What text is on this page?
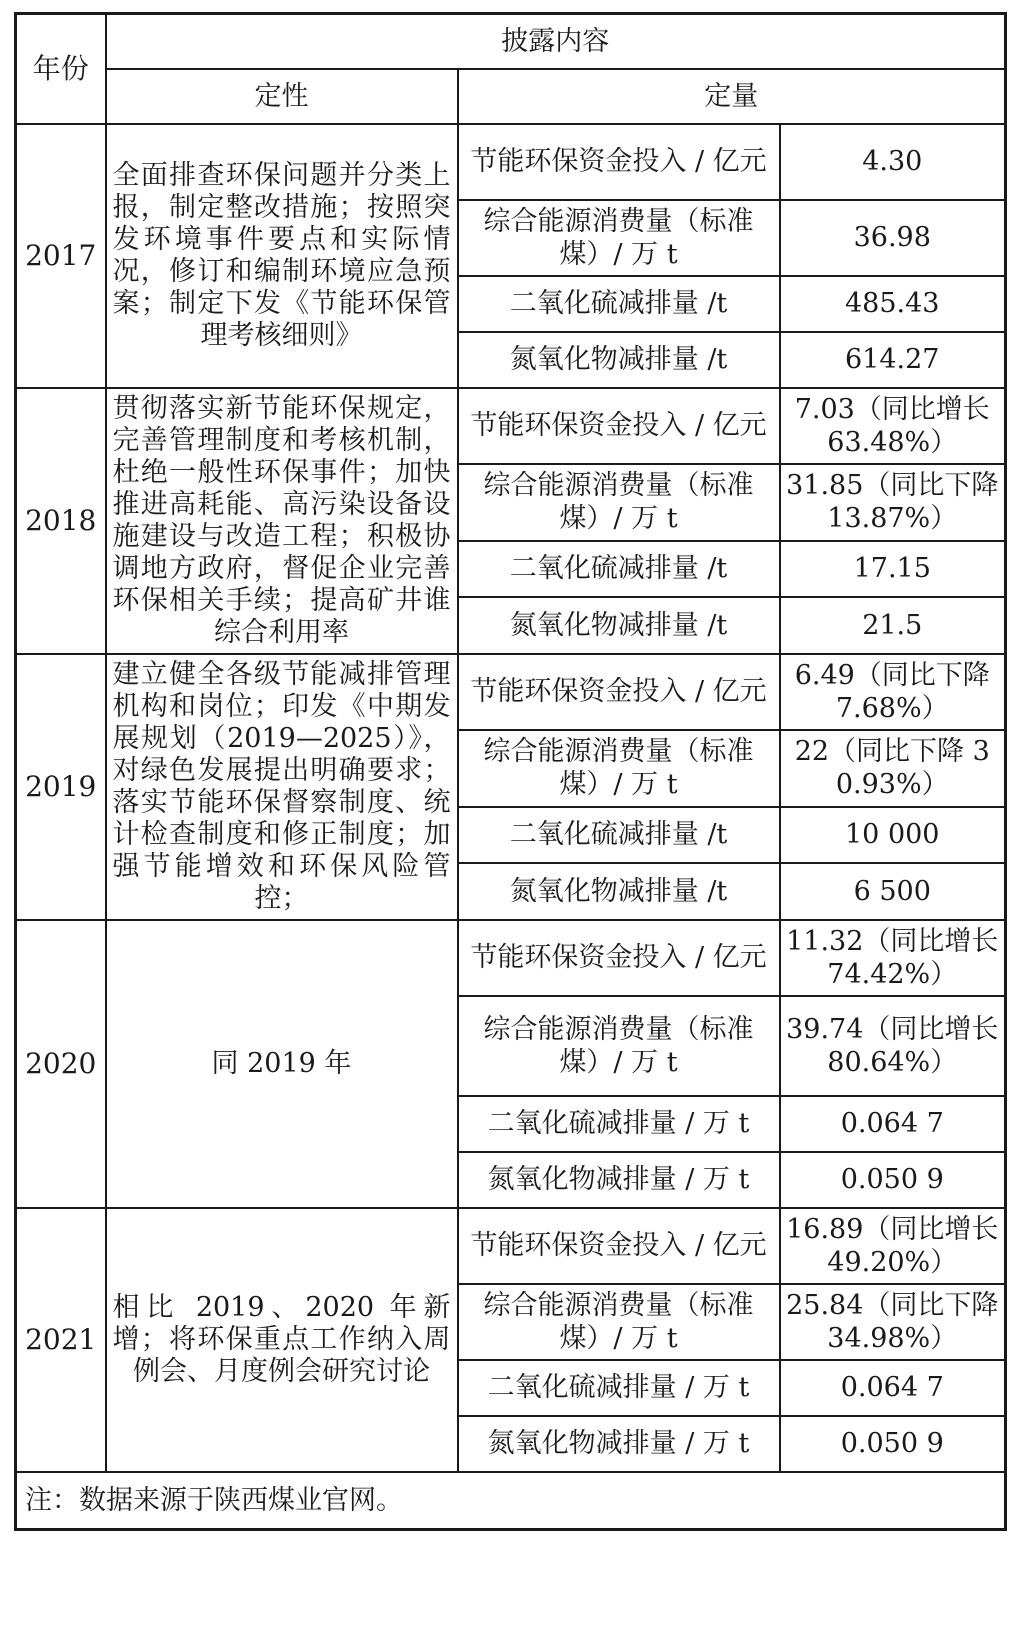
年份	披露内容		
	定性	定量	
2017	全面排查环保问题并分类上报，制定整改措施；按照突发环境事件要点和实际情况，修订和编制环境应急预案；制定下发《节能环保管理考核细则》	节能环保资金投入 / 亿元	4.30
		综合能源消费量（标准煤）/ 万 t	36.98
		二氧化硫减排量 /t	485.43
		氮氧化物减排量 /t	614.27
2018	贯彻落实新节能环保规定，完善管理制度和考核机制，杜绝一般性环保事件；加快推进高耗能、高污染设备设施建设与改造工程；积极协调地方政府，督促企业完善环保相关手续；提高矿井谁综合利用率	节能环保资金投入 / 亿元	7.03（同比增长 63.48%）
		综合能源消费量（标准煤）/ 万 t	31.85（同比下降 13.87%）
		二氧化硫减排量 /t	17.15
		氮氧化物减排量 /t	21.5
2019	建立健全各级节能减排管理机构和岗位；印发《中期发展规划（2019—2025）》，对绿色发展提出明确要求；落实节能环保督察制度、统计检查制度和修正制度；加强节能增效和环保风险管控；	节能环保资金投入 / 亿元	6.49（同比下降 7.68%）
		综合能源消费量（标准煤）/ 万 t	22（同比下降 30.93%）
		二氧化硫减排量 /t	10 000
		氮氧化物减排量 /t	6 500
2020	同 2019 年	节能环保资金投入 / 亿元	11.32（同比增长 74.42%）
		综合能源消费量（标准煤）/ 万 t	39.74（同比增长 80.64%）
		二氧化硫减排量 / 万 t	0.064 7
		氮氧化物减排量 / 万 t	0.050 9
2021	相比 2019、2020 年新增；将环保重点工作纳入周例会、月度例会研究讨论	节能环保资金投入 / 亿元	16.89（同比增长 49.20%）
		综合能源消费量（标准煤）/ 万 t	25.84（同比下降 34.98%）
		二氧化硫减排量 / 万 t	0.064 7
		氮氧化物减排量 / 万 t	0.050 9
注：数据来源于陕西煤业官网。			
